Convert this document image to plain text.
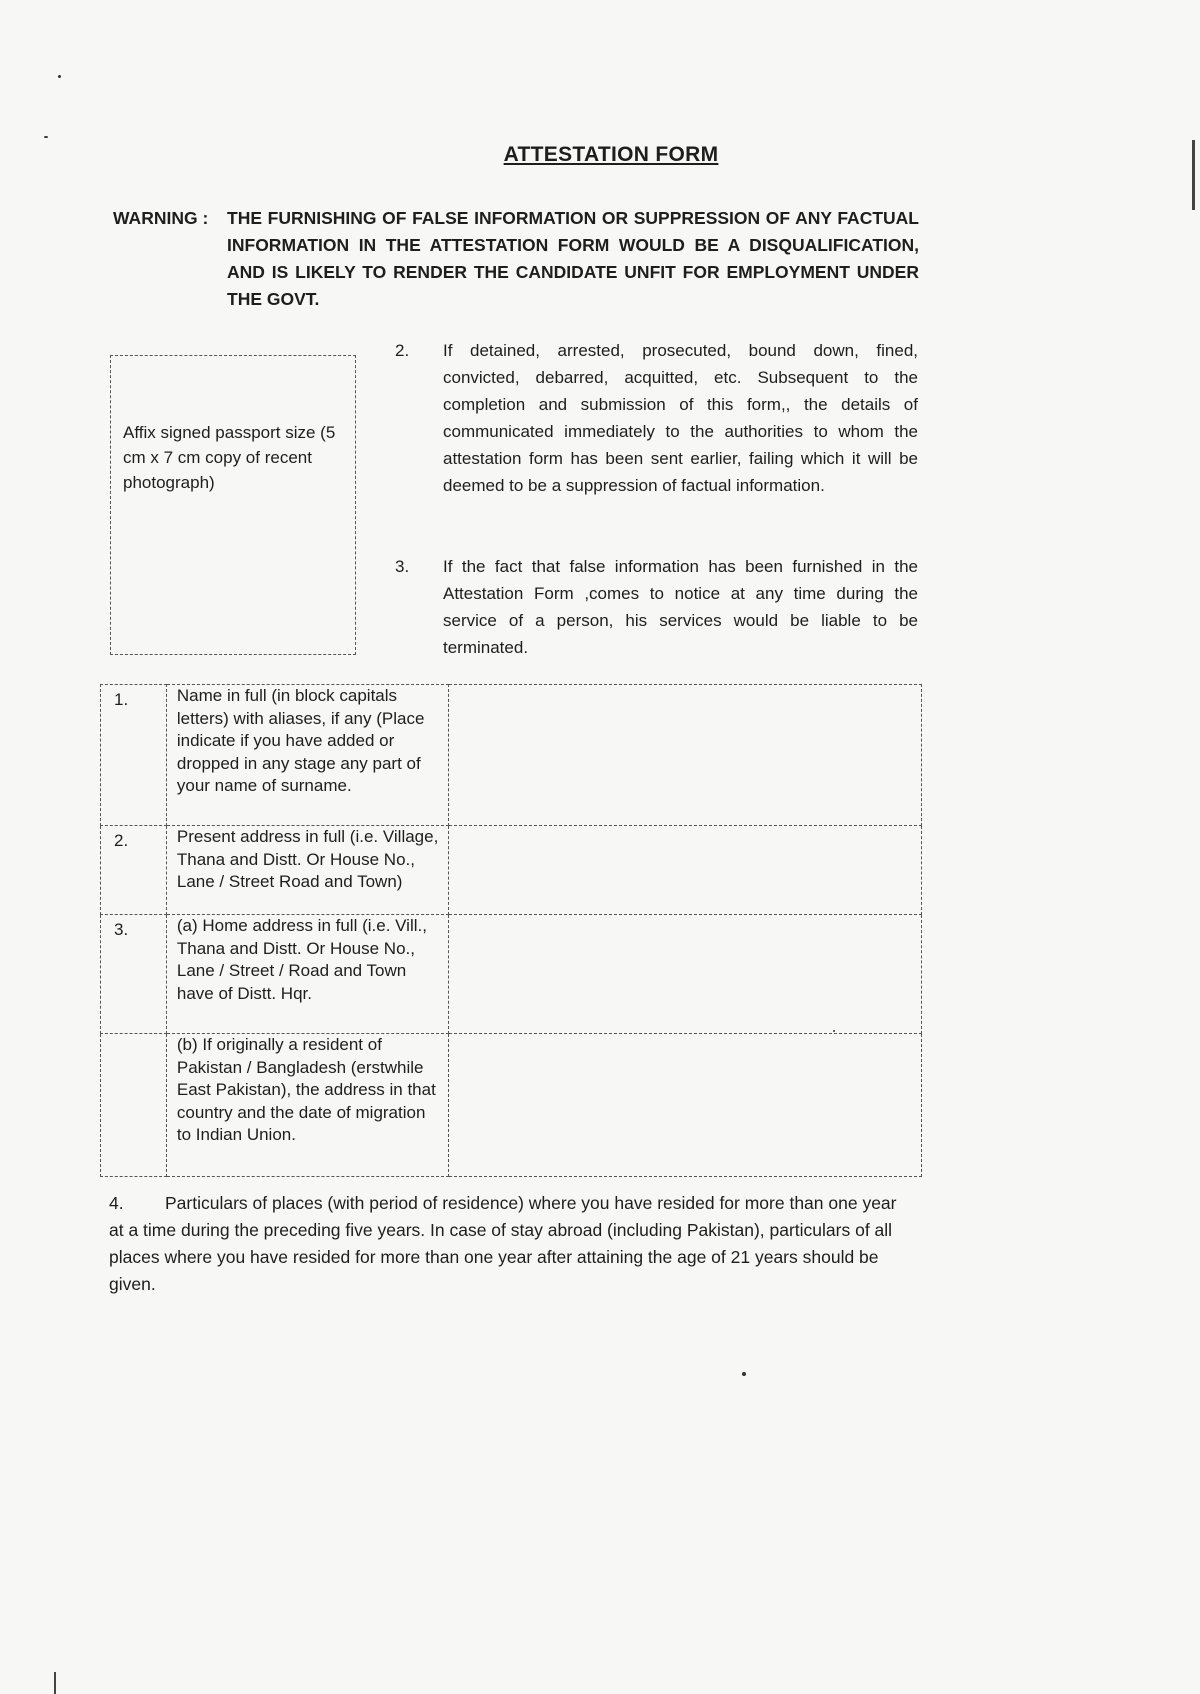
ATTESTATION FORM
WARNING :	THE FURNISHING OF FALSE INFORMATION OR SUPPRESSION OF ANY FACTUAL INFORMATION IN THE ATTESTATION FORM WOULD BE A DISQUALIFICATION, AND IS LIKELY TO RENDER THE CANDIDATE UNFIT FOR EMPLOYMENT UNDER THE GOVT.
Affix signed passport size (5 cm x 7 cm copy of recent photograph)
2.	If detained, arrested, prosecuted, bound down, fined, convicted, debarred, acquitted, etc. Subsequent to the completion and submission of this form,, the details of communicated immediately to the authorities to whom the attestation form has been sent earlier, failing which it will be deemed to be a suppression of factual information.
3.	If the fact that false information has been furnished in the Attestation Form ,comes to notice at any time during the service of a person, his services would be liable to be terminated.
1.	Name in full (in block capitals letters) with aliases, if any (Place indicate if you have added or dropped in any stage any part of your name of surname.	
2.	Present address in full (i.e. Village, Thana and Distt. Or House No., Lane / Street Road and Town)	
3.	(a) Home address in full (i.e. Vill., Thana and Distt. Or House No., Lane / Street / Road and Town have of Distt. Hqr.	
	(b) If originally a resident of Pakistan / Bangladesh (erstwhile East Pakistan), the address in that country and the date of migration to Indian Union.	
4. Particulars of places (with period of residence) where you have resided for more than one year at a time during the preceding five years. In case of stay abroad (including Pakistan), particulars of all places where you have resided for more than one year after attaining the age of 21 years should be given.
